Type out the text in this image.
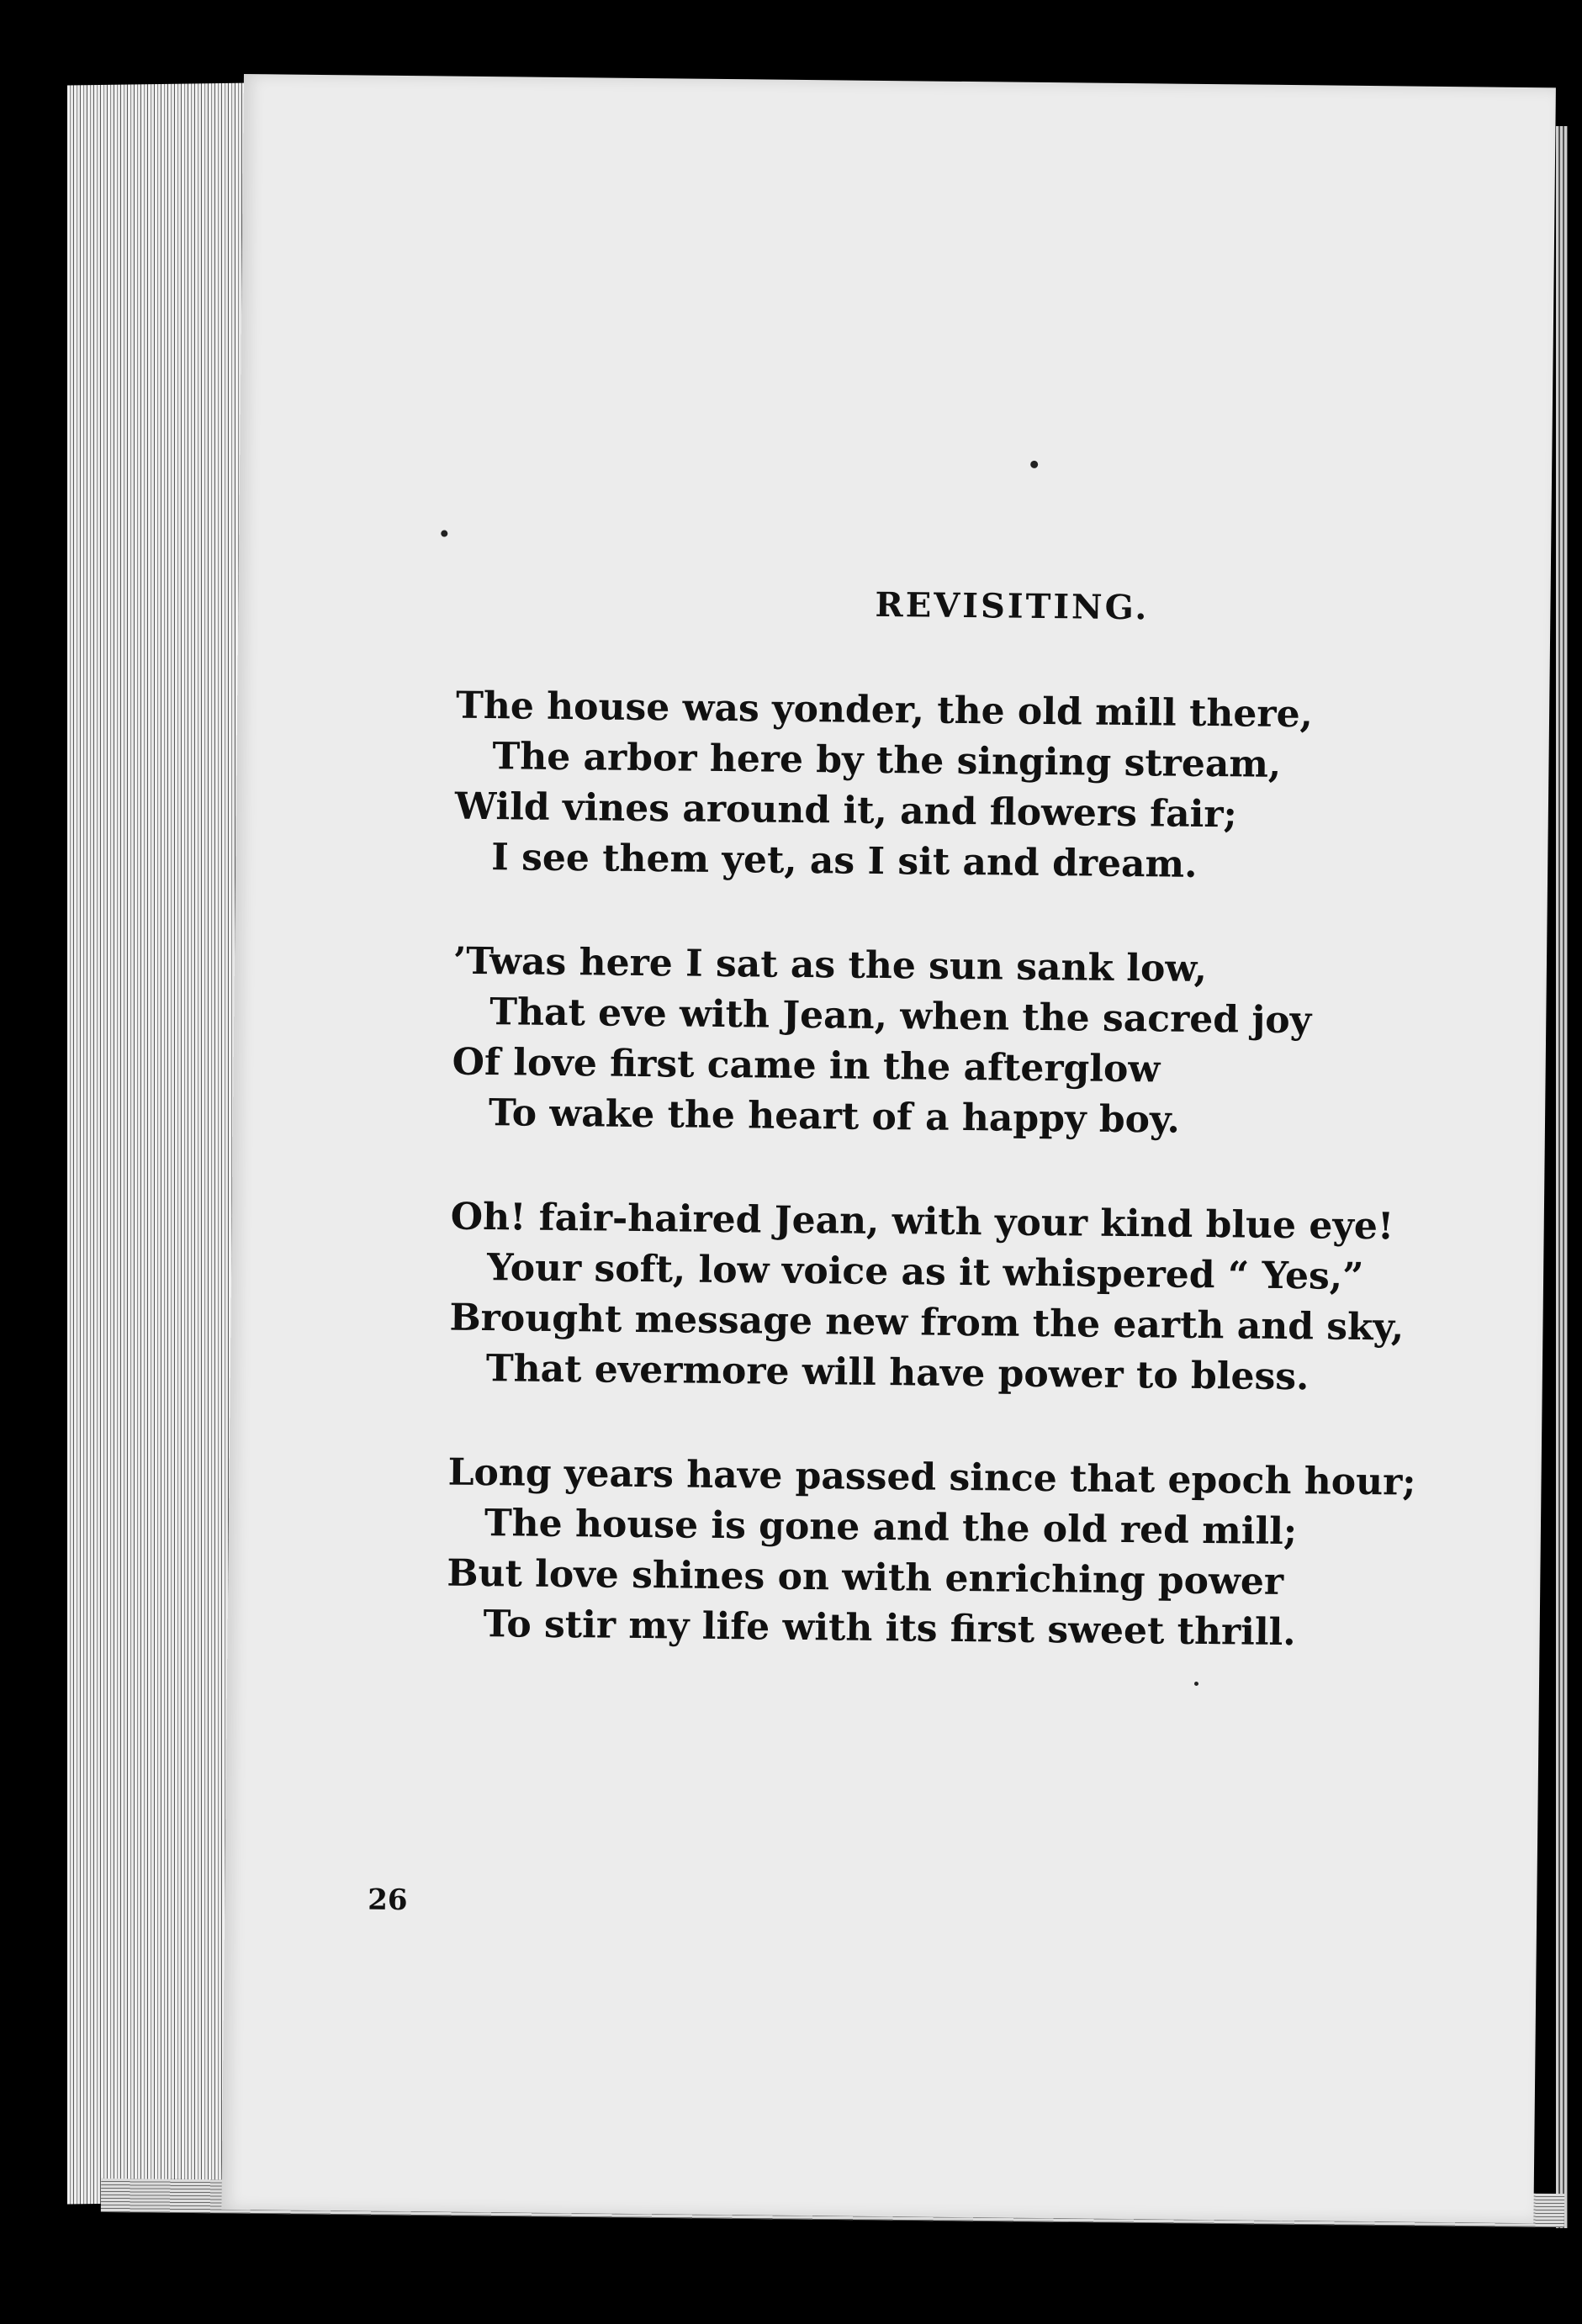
REVISITING.
The house was yonder, the old mill there,
The arbor here by the singing stream,
Wild vines around it, and flowers fair;
I see them yet, as I sit and dream.
’Twas here I sat as the sun sank low,
That eve with Jean, when the sacred joy
Of love first came in the afterglow
To wake the heart of a happy boy.
Oh! fair-haired Jean, with your kind blue eye!
Your soft, low voice as it whispered “ Yes,”
Brought message new from the earth and sky,
That evermore will have power to bless.
Long years have passed since that epoch hour;
The house is gone and the old red mill;
But love shines on with enriching power
To stir my life with its first sweet thrill.
26
